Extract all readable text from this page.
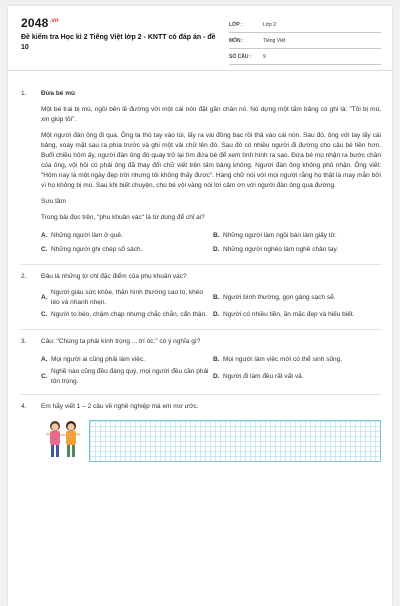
$2048^{.vn}$
Đề kiểm tra Học kì 2 Tiếng Việt lớp 2 - KNTT có đáp án - đề 10
LỚP :	Lớp 2
MÔN :	Tiếng Việt
SỐ CÂU :	9
1.	Đừa bé mù
Một bé trai bị mù, ngồi bên lề đường với một cái nón đặt gần chân nó. Nó dựng một tấm bảng có ghi là: "Tôi bị mù, xin giúp tôi".
Một người đàn ông đi qua. Ông ta thò tay vào túi, lấy ra vài đồng bạc rồi thả vào cái nón. Sau đó, ông với tay lấy cái bảng, xoay mặt sau ra phía trước và ghi một vài chữ lên đó. Sau đó có nhiều người đi đường cho cậu bé tiền hơn. Buổi chiều hôm ấy, người đàn ông đó quay trở lại tìm đứa bé để xem tình hình ra sao. Đứa bé mù nhận ra bước chân của ông, vội hỏi có phải ông đã thay đổi chữ viết trên tấm bảng không. Người đàn ông không phủ nhận. Ông viết: "Hôm nay là một ngày đẹp trời nhưng tôi không thấy được". Hàng chữ nói với mọi người rằng họ thật là may mắn bởi vì họ không bị mù. Sau khi biết chuyện, chú bé vội vàng nói lời cảm ơn với người đàn ông qua đường.
Sưu tầm
Trong bài đọc trên, "phu khuân vác" là từ dùng để chỉ ai?
A. Những người làm ở quê.	B. Những người làm ngồi bán làm giấy tờ.
C. Những người ghi chép sổ sách.	D. Những người nghèo làm nghề chân tay.
2.	Đâu là những từ chỉ đặc điểm của phu khuân vác?
A.
Người giàu sức khỏe, thân hình thường cao to, khéo léo và nhanh nhẹn.
B. Người bình thường, gọn gàng sạch sẽ.
C. Người to béo, chậm chạp nhưng chắc chắn, cẩn thận. D. Người có nhiều tiền, ăn mặc đẹp và hiếu biết.
3.	Câu: "Chúng ta phải kính trọng ... trí óc." có ý nghĩa gì?
A. Mọi người ai cũng phải làm việc.	B. Mọi người làm việc mới có thể sinh sống.
C.
Nghề nào cũng đều đáng quý, mọi người đều cần phải tôn trọng.
D. Người đi làm đều rất vất vả.
4.	Em hãy viết 1 – 2 câu về nghề nghiệp mà em mơ ước.
